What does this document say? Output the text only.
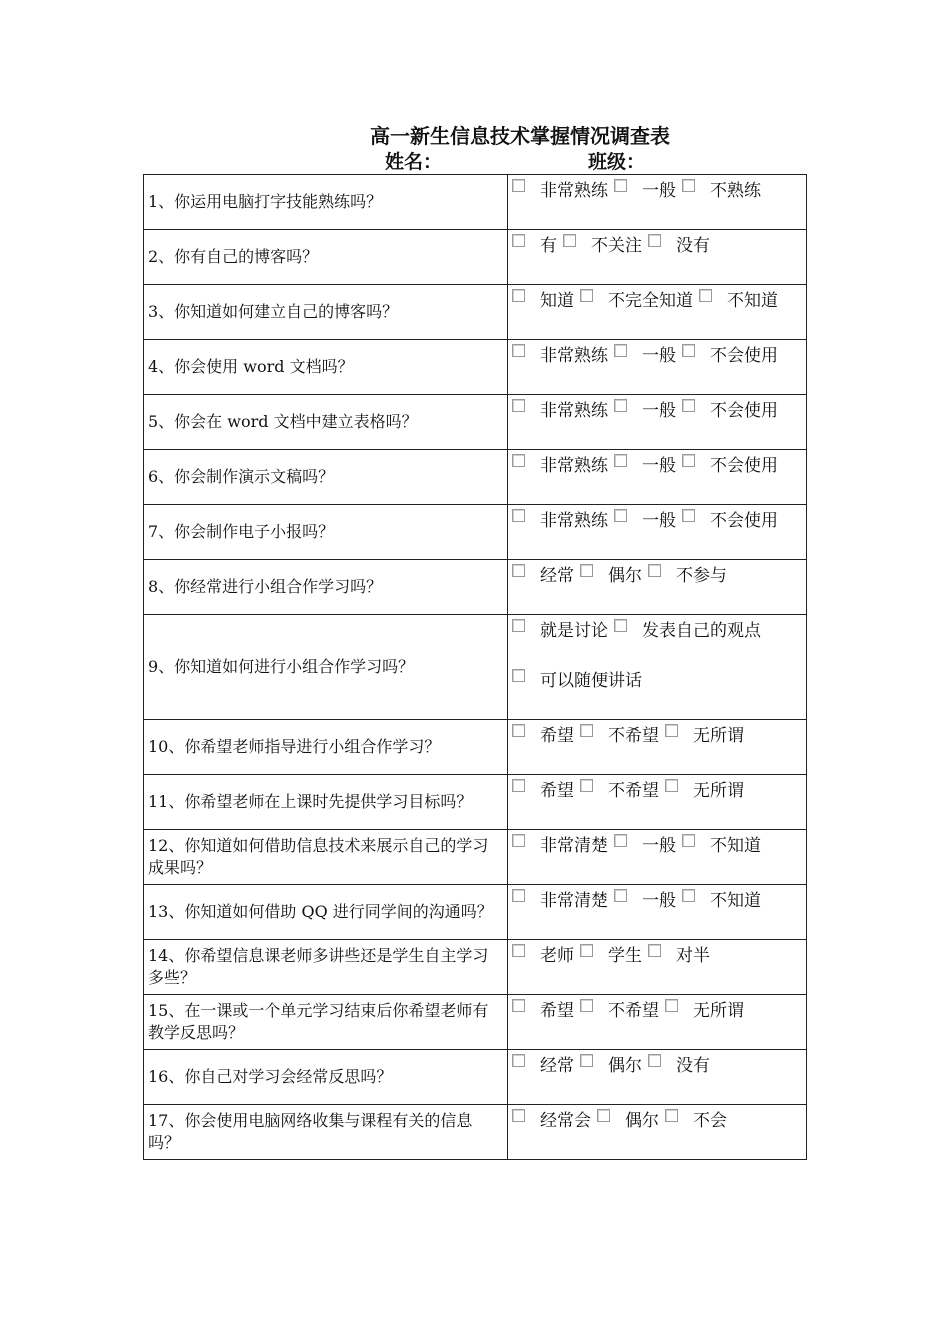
高一新生信息技术掌握情况调查表
姓名：	班级：
1、你运用电脑打字技能熟练吗？	非常熟练 一般 不熟练
2、你有自己的博客吗？	有 不关注 没有
3、你知道如何建立自己的博客吗？	知道 不完全知道 不知道
4、你会使用 word 文档吗？	非常熟练 一般 不会使用
5、你会在 word 文档中建立表格吗？	非常熟练 一般 不会使用
6、你会制作演示文稿吗？	非常熟练 一般 不会使用
7、你会制作电子小报吗？	非常熟练 一般 不会使用
8、你经常进行小组合作学习吗？	经常 偶尔 不参与
9、你知道如何进行小组合作学习吗？	就是讨论 发表自己的观点
可以随便讲话
10、你希望老师指导进行小组合作学习？	希望 不希望 无所谓
11、你希望老师在上课时先提供学习目标吗？	希望 不希望 无所谓
12、你知道如何借助信息技术来展示自己的学习成果吗？	非常清楚 一般 不知道
13、你知道如何借助 QQ 进行同学间的沟通吗？	非常清楚 一般 不知道
14、你希望信息课老师多讲些还是学生自主学习多些？	老师 学生 对半
15、在一课或一个单元学习结束后你希望老师有教学反思吗？	希望 不希望 无所谓
16、你自己对学习会经常反思吗？	经常 偶尔 没有
17、你会使用电脑网络收集与课程有关的信息吗？	经常会 偶尔 不会
